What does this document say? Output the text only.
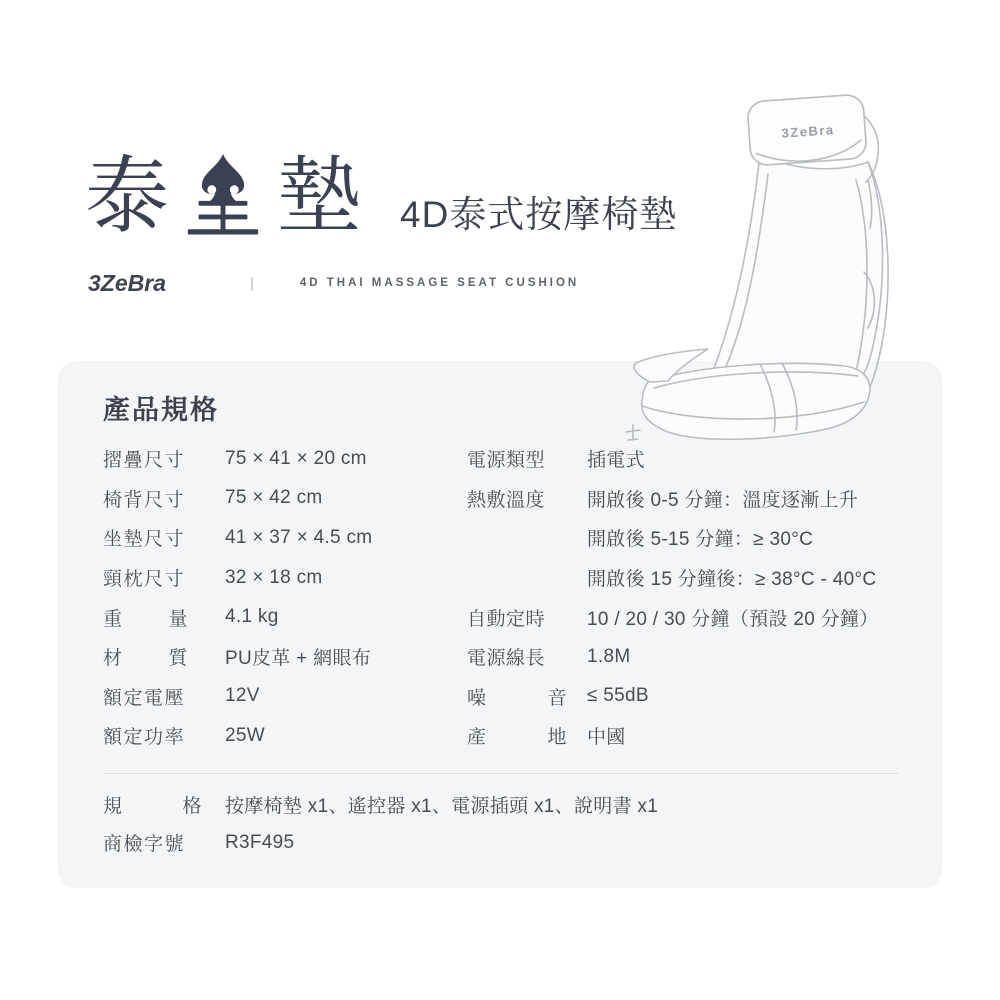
泰 墊 4D泰式按摩椅墊
3ZeBra	|	4D THAI MASSAGE SEAT CUSHION
3ZeBra
產品規格
摺疊尺寸 75 × 41 × 20 cm	電源類型	插電式
椅背尺寸 75 × 42 cm	熱敷溫度	開啟後 0-5 分鐘：溫度逐漸上升
坐墊尺寸 41 × 37 × 4.5 cm	開啟後 5-15 分鐘：≥ 30°C
頸枕尺寸 32 × 18 cm	開啟後 15 分鐘後：≥ 38°C - 40°C
重量 4.1 kg	自動定時	10 / 20 / 30 分鐘（預設 20 分鐘）
材質 PU皮革 + 網眼布	電源線長	1.8M
額定電壓 12V	噪音 ≤ 55dB
額定功率 25W	產地 中國
規格 按摩椅墊 x1、遙控器 x1、電源插頭 x1、說明書 x1
商檢字號	R3F495
